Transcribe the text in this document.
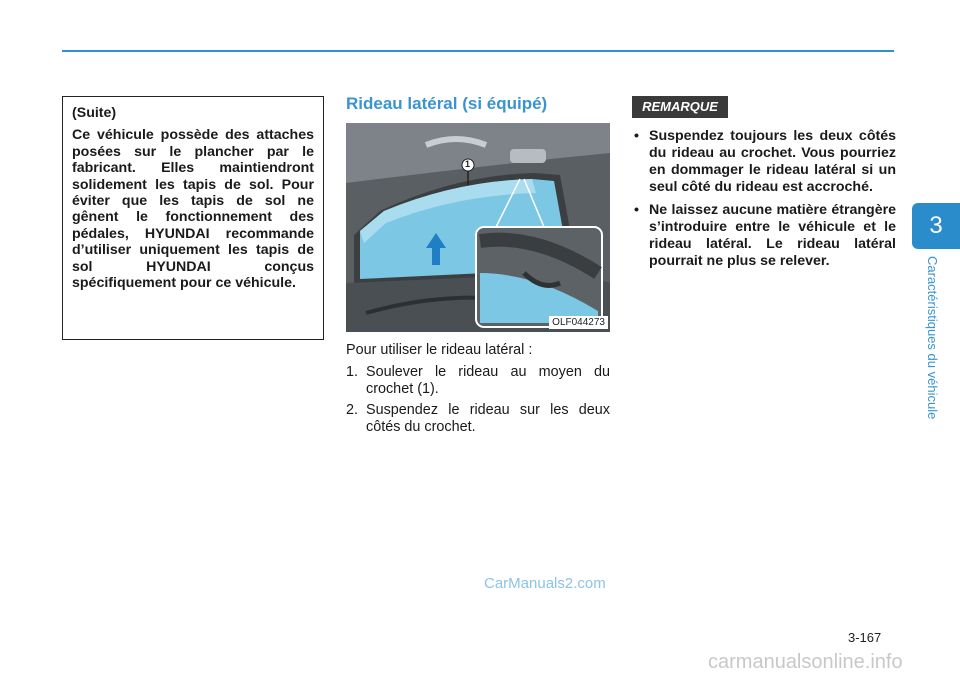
(Suite)

Ce véhicule possède des attaches posées sur le plancher par le fabricant. Elles maintiendront solidement les tapis de sol. Pour éviter que les tapis de sol ne gênent le fonctionnement des pédales, HYUNDAI recommande d’utiliser uniquement les tapis de sol HYUNDAI conçus spécifiquement pour ce véhicule.

Rideau latéral (si équipé)
1
OLF044273

Pour utiliser le rideau latéral :

1. Soulever le rideau au moyen du crochet (1).
2. Suspendez le rideau sur les deux côtés du crochet.
REMARQUE
• Suspendez toujours les deux côtés du rideau au crochet. Vous pourriez en dommager le rideau latéral si un seul côté du rideau est accroché.
• Ne laissez aucune matière étrangère s’introduire entre le véhicule et le rideau latéral. Le rideau latéral pourrait ne plus se relever.
3
Caractéristiques du véhicule
3-167
CarManuals2.com
carmanualsonline.info
